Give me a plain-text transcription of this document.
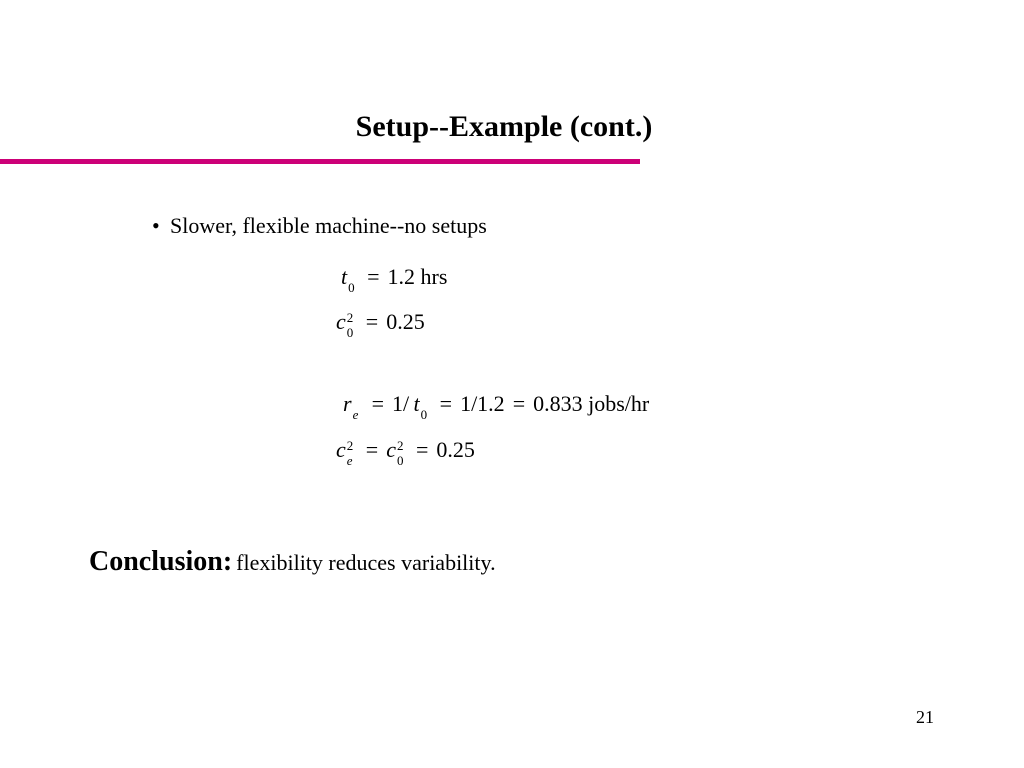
Setup--Example (cont.)
• Slower, flexible machine--no setups
t 0 = 1.2 hrs
c 2
0 = 0.25
r e = 1/  t 0 = 1/1.2 = 0.833 jobs/hr
c 2
e = c 2
0 = 0.25
Conclusion: flexibility reduces variability.
21
